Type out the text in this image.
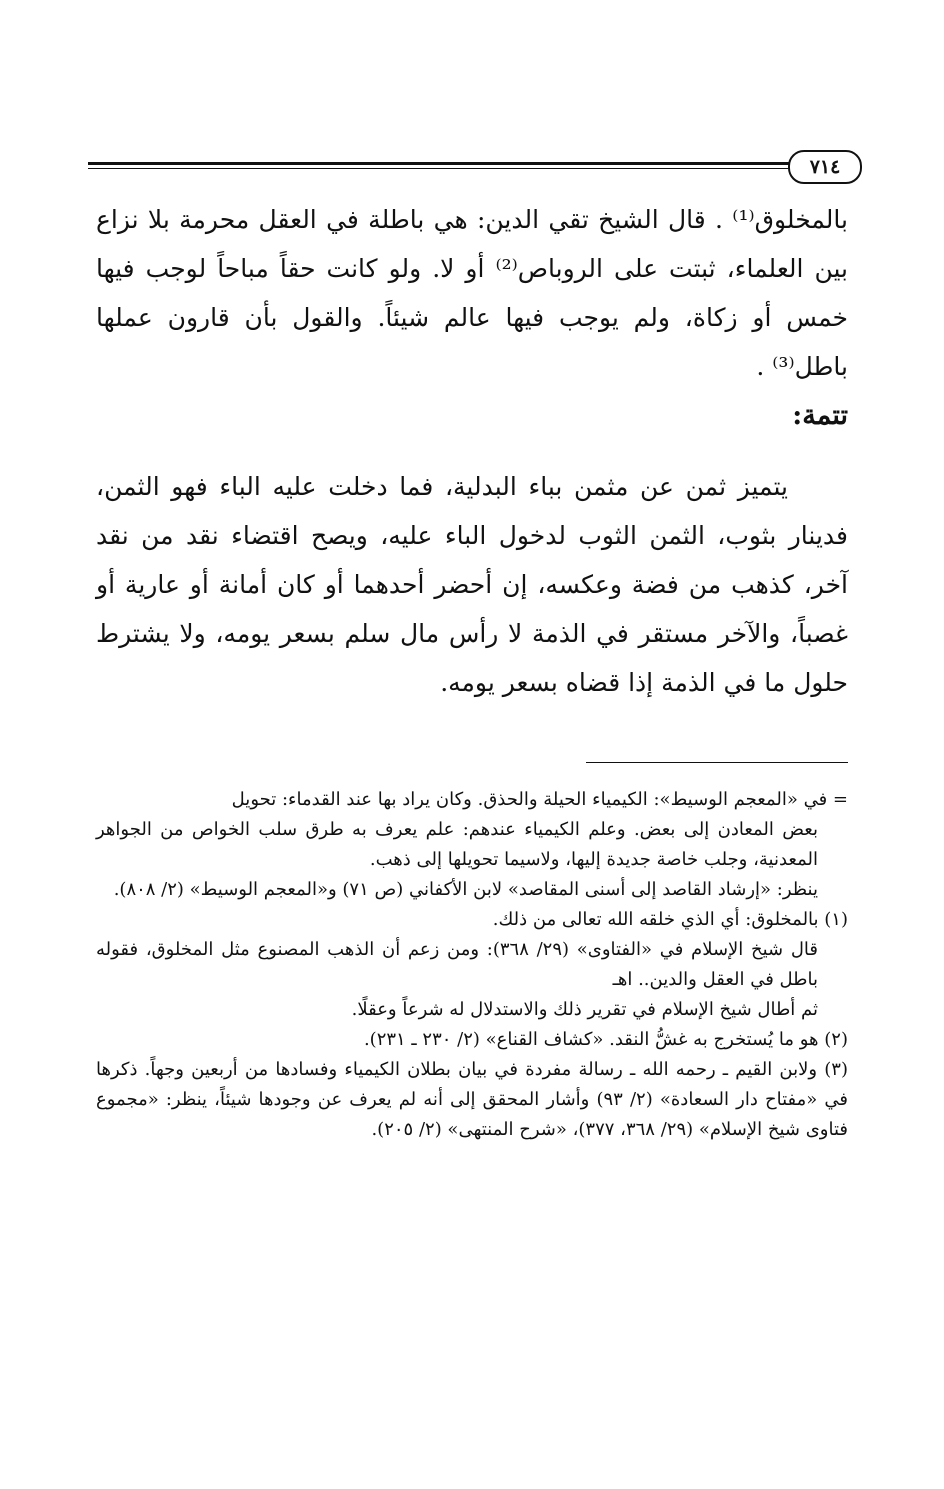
٧١٤
بالمخلوق⁽¹⁾ . قال الشيخ تقي الدين: هي باطلة في العقل محرمة بلا نزاع بين العلماء، ثبتت على الروباص⁽²⁾ أو لا. ولو كانت حقاً مباحاً لوجب فيها خمس أو زكاة، ولم يوجب فيها عالم شيئاً. والقول بأن قارون عملها باطل⁽³⁾ .
تتمة:
يتميز ثمن عن مثمن بباء البدلية، فما دخلت عليه الباء فهو الثمن، فدينار بثوب، الثمن الثوب لدخول الباء عليه، ويصح اقتضاء نقد من نقد آخر، كذهب من فضة وعكسه، إن أحضر أحدهما أو كان أمانة أو عارية أو غصباً، والآخر مستقر في الذمة لا رأس مال سلم بسعر يومه، ولا يشترط حلول ما في الذمة إذا قضاه بسعر يومه.

= في «المعجم الوسيط»: الكيمياء الحيلة والحذق. وكان يراد بها عند القدماء: تحويل

بعض المعادن إلى بعض. وعلم الكيمياء عندهم: علم يعرف به طرق سلب الخواص من الجواهر المعدنية، وجلب خاصة جديدة إليها، ولاسيما تحويلها إلى ذهب.

ينظر: «إرشاد القاصد إلى أسنى المقاصد» لابن الأكفاني (ص ٧١) و«المعجم الوسيط» (٢/ ٨٠٨).

(١) بالمخلوق: أي الذي خلقه الله تعالى من ذلك.

قال شيخ الإسلام في «الفتاوى» (٢٩/ ٣٦٨): ومن زعم أن الذهب المصنوع مثل المخلوق، فقوله باطل في العقل والدين.. اهـ

ثم أطال شيخ الإسلام في تقرير ذلك والاستدلال له شرعاً وعقلًا.

(٢) هو ما يُستخرج به غشُّ النقد. «كشاف القناع» (٢/ ٢٣٠ ـ ٢٣١).

(٣) ولابن القيم ـ رحمه الله ـ رسالة مفردة في بيان بطلان الكيمياء وفسادها من أربعين وجهاً. ذكرها في «مفتاح دار السعادة» (٢/ ٩٣) وأشار المحقق إلى أنه لم يعرف عن وجودها شيئاً، ينظر: «مجموع فتاوى شيخ الإسلام» (٢٩/ ٣٦٨، ٣٧٧)، «شرح المنتهى» (٢/ ٢٠٥).
